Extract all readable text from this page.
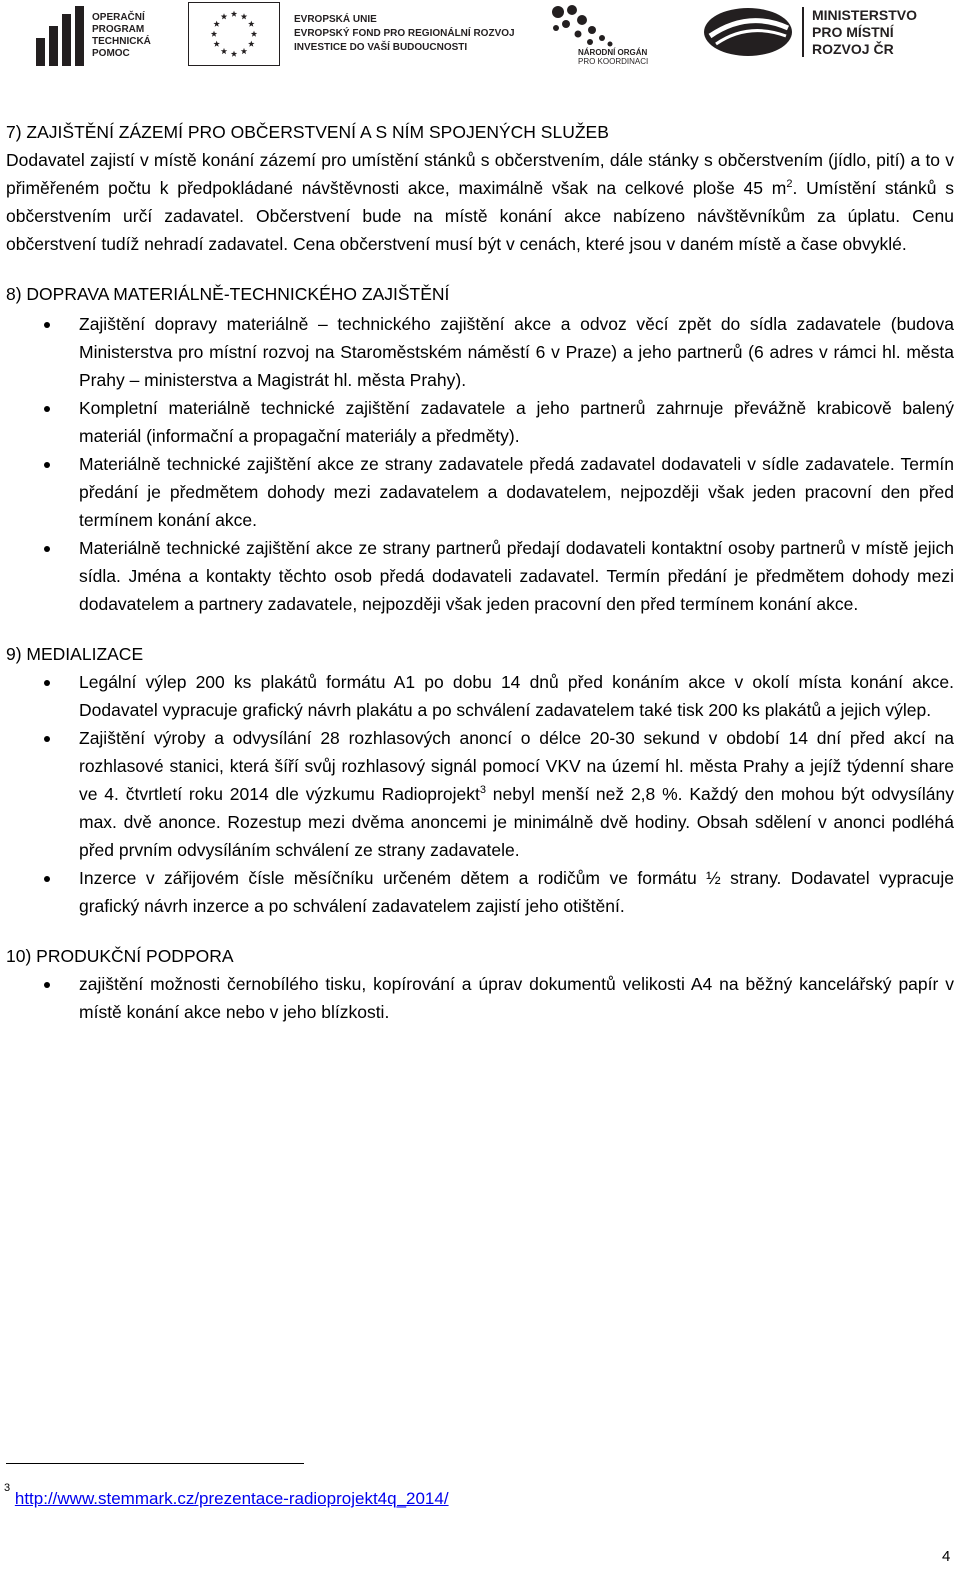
OPERAČNÍ
PROGRAM
TECHNICKÁ
POMOC
EVROPSKÁ UNIE
EVROPSKÝ FOND PRO REGIONÁLNÍ ROZVOJ
INVESTICE DO VAŠÍ BUDOUCNOSTI	NÁRODNÍ ORGÁN
PRO KOORDINACI
MINISTERSTVO
PRO MÍSTNÍ
ROZVOJ ČR

7) ZAJIŠTĚNÍ ZÁZEMÍ PRO OBČERSTVENÍ A S NÍM SPOJENÝCH SLUŽEB

Dodavatel zajistí v místě konání zázemí pro umístění stánků s občerstvením, dále stánky s občerstvením (jídlo, pití) a to v přiměřeném počtu k předpokládané návštěvnosti akce, maximálně však na celkové ploše 45 $m^2$. Umístění stánků s občerstvením určí zadavatel. Občerstvení bude na místě konání akce nabízeno návštěvníkům za úplatu. Cenu občerstvení tudíž nehradí zadavatel. Cena občerstvení musí být v cenách, které jsou v daném místě a čase obvyklé.

8) DOPRAVA MATERIÁLNĚ-TECHNICKÉHO ZAJIŠTĚNÍ

Zajištění dopravy materiálně – technického zajištění akce a odvoz věcí zpět do sídla zadavatele (budova Ministerstva pro místní rozvoj na Staroměstském náměstí 6 v Praze) a jeho partnerů (6 adres v rámci hl. města Prahy – ministerstva a Magistrát hl. města Prahy).
Kompletní materiálně technické zajištění zadavatele a jeho partnerů zahrnuje převážně krabicově balený materiál (informační a propagační materiály a předměty).
Materiálně technické zajištění akce ze strany zadavatele předá zadavatel dodavateli v sídle zadavatele. Termín předání je předmětem dohody mezi zadavatelem a dodavatelem, nejpozději však jeden pracovní den před termínem konání akce.
Materiálně technické zajištění akce ze strany partnerů předají dodavateli kontaktní osoby partnerů v místě jejich sídla. Jména a kontakty těchto osob předá dodavateli zadavatel. Termín předání je předmětem dohody mezi dodavatelem a partnery zadavatele, nejpozději však jeden pracovní den před termínem konání akce.

9) MEDIALIZACE

Legální výlep 200 ks plakátů formátu A1 po dobu 14 dnů před konáním akce v okolí místa konání akce. Dodavatel vypracuje grafický návrh plakátu a po schválení zadavatelem také tisk 200 ks plakátů a jejich výlep.
Zajištění výroby a odvysílání 28 rozhlasových anoncí o délce 20-30 sekund v období 14 dní před akcí na rozhlasové stanici, která šíří svůj rozhlasový signál pomocí VKV na území hl. města Prahy a jejíž týdenní share ve 4. čtvrtletí roku 2014 dle výzkumu Radioprojekt$^3$ nebyl menší než 2,8 %. Každý den mohou být odvysílány max. dvě anonce. Rozestup mezi dvěma anoncemi je minimálně dvě hodiny. Obsah sdělení v anonci podléhá před prvním odvysíláním schválení ze strany zadavatele.
Inzerce v zářijovém čísle měsíčníku určeném dětem a rodičům ve formátu ½ strany. Dodavatel vypracuje grafický návrh inzerce a po schválení zadavatelem zajistí jeho otištění.

10) PRODUKČNÍ PODPORA

zajištění možnosti černobílého tisku, kopírování a úprav dokumentů velikosti A4 na běžný kancelářský papír v místě konání akce nebo v jeho blízkosti.
$^3$ http://www.stemmark.cz/prezentace-radioprojekt4q_2014/
4
